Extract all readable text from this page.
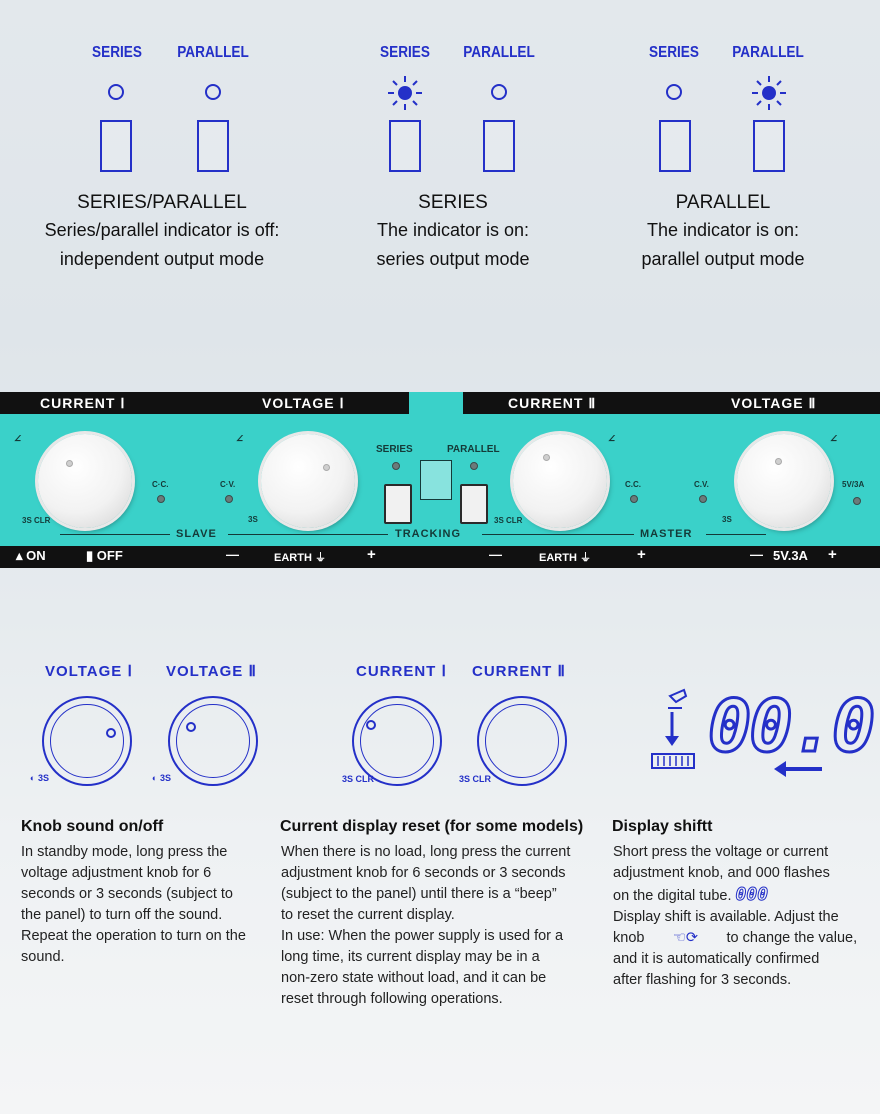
SERIES	PARALLEL
SERIES/PARALLEL
Series/parallel indicator is off:
independent output mode
SERIES	PARALLEL
SERIES
The indicator is on:
series output mode
SERIES	PARALLEL
PARALLEL
The indicator is on:
parallel output mode
CURRENT Ⅰ	VOLTAGE Ⅰ	CURRENT Ⅱ	VOLTAGE Ⅱ
∠	∠	∠	∠
C·C.	C·V.	C.C.	C.V.	5V/3A
SERIES	PARALLEL
3S CLR	3S	3S CLR	3S
SLAVE	TRACKING	MASTER
▴ ON	▮ OFF	—	EARTH ⏚	+	—	EARTH ⏚	+	— 5V.3A +
VOLTAGE Ⅰ VOLTAGE Ⅱ	CURRENT Ⅰ CURRENT Ⅱ
◐ 3S	◐ 3S	3S CLR	3S CLR
00.0
Knob sound on/off
In standby mode, long press the
voltage adjustment knob for 6
seconds or 3 seconds (subject to
the panel) to turn off the sound.
Repeat the operation to turn on the
sound.
Current display reset (for some models)
When there is no load, long press the current
adjustment knob for 6 seconds or 3 seconds
(subject to the panel) until there is a “beep”
to reset the current display.
In use: When the power supply is used for a
long time, its current display may be in a
non-zero state without load, and it can be
reset through following operations.
Display shiftt
Short press the voltage or current
adjustment knob, and 000 flashes
on the digital tube. 000
Display shift is available. Adjust the
knob ☜⟳ to change the value,
and it is automatically confirmed
after flashing for 3 seconds.
